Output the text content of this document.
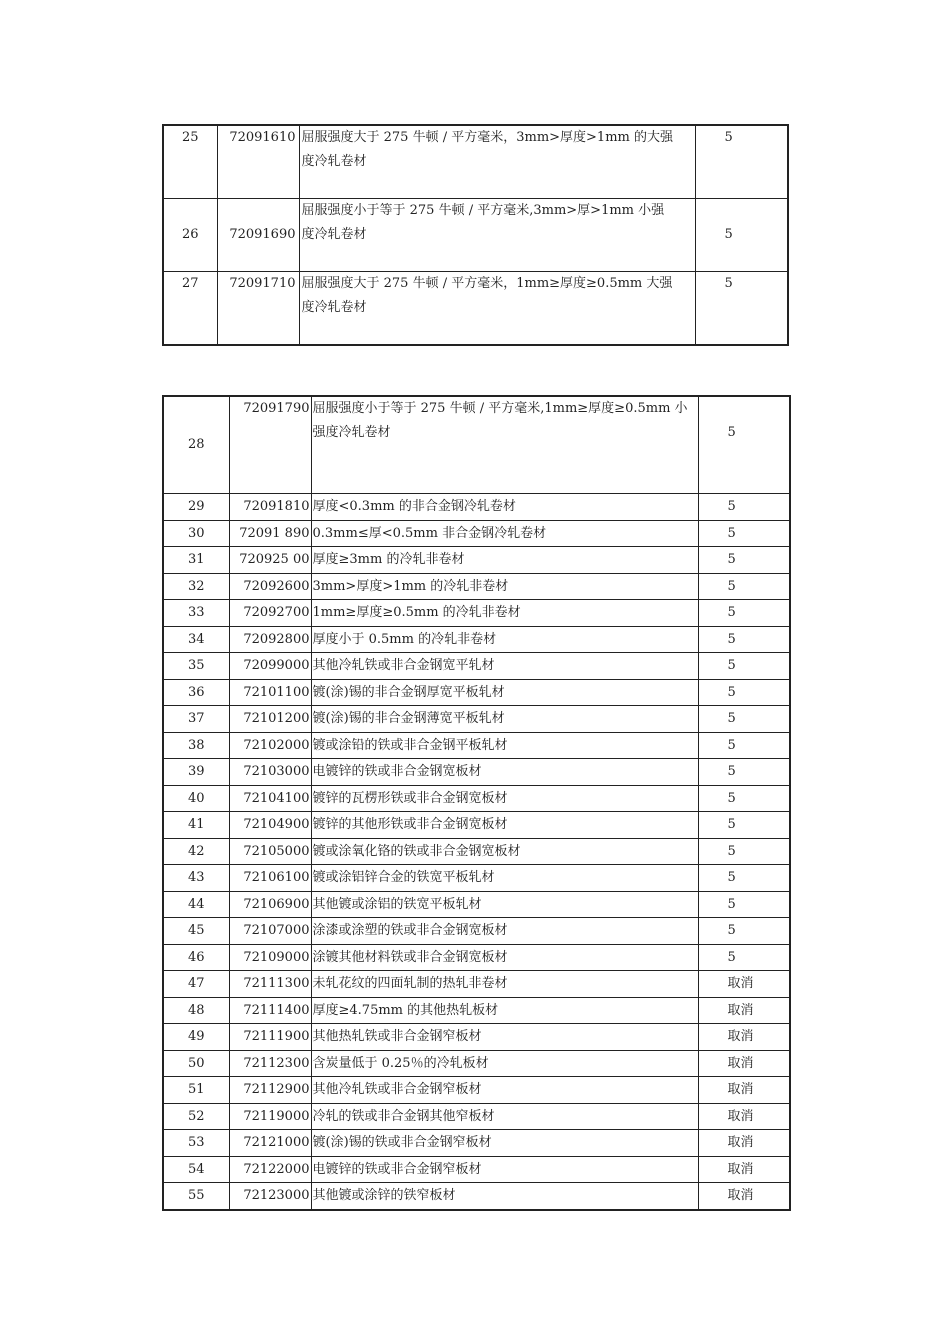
25	72091610	屈服强度大于 275 牛顿 / 平方毫米，3mm>厚度>1mm 的大强
度冷轧卷材	5

26	72091690	屈服强度小于等于 275 牛顿 / 平方毫米,3mm>厚>1mm 小强
度冷轧卷材	5

27	72091710	屈服强度大于 275 牛顿 / 平方毫米，1mm≥厚度≥0.5mm 大强
度冷轧卷材	5
28	72091790	屈服强度小于等于 275 牛顿 / 平方毫米,1mm≥厚度≥0.5mm 小
强度冷轧卷材	5

29	72091810	厚度<0.3mm 的非合金钢冷轧卷材	5
30	72091 890	0.3mm≤厚<0.5mm 非合金钢冷轧卷材	5
31	720925 00	厚度≥3mm 的冷轧非卷材	5
32	72092600	3mm>厚度>1mm 的冷轧非卷材	5
33	72092700	1mm≥厚度≥0.5mm 的冷轧非卷材	5
34	72092800	厚度小于 0.5mm 的冷轧非卷材	5
35	72099000	其他冷轧铁或非合金钢宽平轧材	5
36	72101100	镀(涂)锡的非合金钢厚宽平板轧材	5
37	72101200	镀(涂)锡的非合金钢薄宽平板轧材	5
38	72102000	镀或涂铅的铁或非合金钢平板轧材	5
39	72103000	电镀锌的铁或非合金钢宽板材	5
40	72104100	镀锌的瓦楞形铁或非合金钢宽板材	5
41	72104900	镀锌的其他形铁或非合金钢宽板材	5
42	72105000	镀或涂氧化铬的铁或非合金钢宽板材	5
43	72106100	镀或涂铝锌合金的铁宽平板轧材	5
44	72106900	其他镀或涂铝的铁宽平板轧材	5
45	72107000	涂漆或涂塑的铁或非合金钢宽板材	5
46	72109000	涂镀其他材料铁或非合金钢宽板材	5
47	72111300	未轧花纹的四面轧制的热轧非卷材	取消
48	72111400	厚度≥4.75mm 的其他热轧板材	取消
49	72111900	其他热轧铁或非合金钢窄板材	取消
50	72112300	含炭量低于 0.25％的冷轧板材	取消
51	72112900	其他冷轧铁或非合金钢窄板材	取消
52	72119000	冷轧的铁或非合金钢其他窄板材	取消
53	72121000	镀(涂)锡的铁或非合金钢窄板材	取消
54	72122000	电镀锌的铁或非合金钢窄板材	取消
55	72123000	其他镀或涂锌的铁窄板材	取消
